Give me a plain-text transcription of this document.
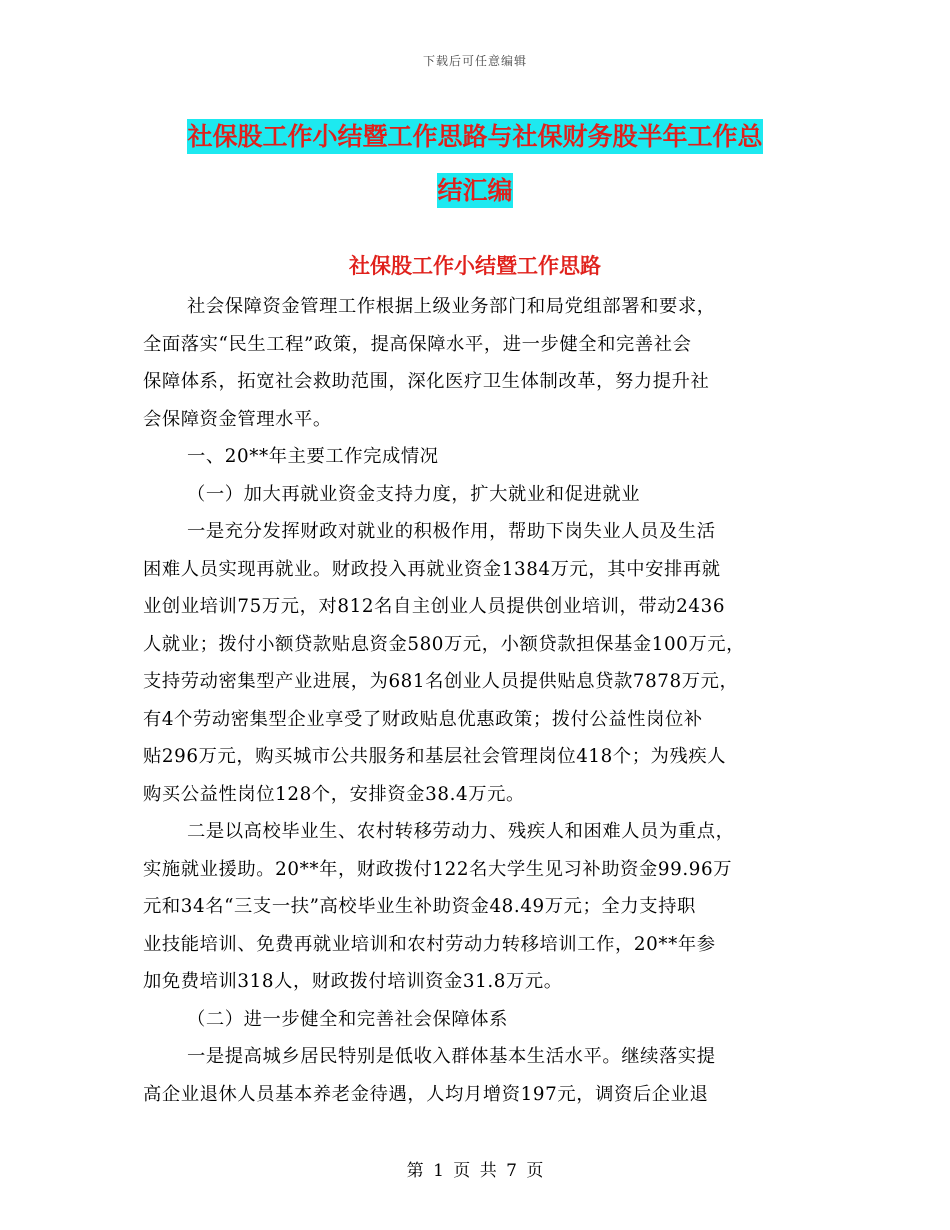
下载后可任意编辑
社保股工作小结暨工作思路与社保财务股半年工作总
结汇编
社保股工作小结暨工作思路
社会保障资金管理工作根据上级业务部门和局党组部署和要求，
全面落实“民生工程”政策，提高保障水平，进一步健全和完善社会
保障体系，拓宽社会救助范围，深化医疗卫生体制改革，努力提升社
会保障资金管理水平。
一、20**年主要工作完成情况
（一）加大再就业资金支持力度，扩大就业和促进就业
一是充分发挥财政对就业的积极作用，帮助下岗失业人员及生活
困难人员实现再就业。财政投入再就业资金1384万元，其中安排再就
业创业培训75万元，对812名自主创业人员提供创业培训，带动2436
人就业；拨付小额贷款贴息资金580万元，小额贷款担保基金100万元，
支持劳动密集型产业进展，为681名创业人员提供贴息贷款7878万元，
有4个劳动密集型企业享受了财政贴息优惠政策；拨付公益性岗位补
贴296万元，购买城市公共服务和基层社会管理岗位418个；为残疾人
购买公益性岗位128个，安排资金38.4万元。
二是以高校毕业生、农村转移劳动力、残疾人和困难人员为重点，
实施就业援助。20**年，财政拨付122名大学生见习补助资金99.96万
元和34名“三支一扶”高校毕业生补助资金48.49万元；全力支持职
业技能培训、免费再就业培训和农村劳动力转移培训工作，20**年参
加免费培训318人，财政拨付培训资金31.8万元。
（二）进一步健全和完善社会保障体系
一是提高城乡居民特别是低收入群体基本生活水平。继续落实提
高企业退休人员基本养老金待遇，人均月增资197元，调资后企业退
第 1 页 共 7 页
